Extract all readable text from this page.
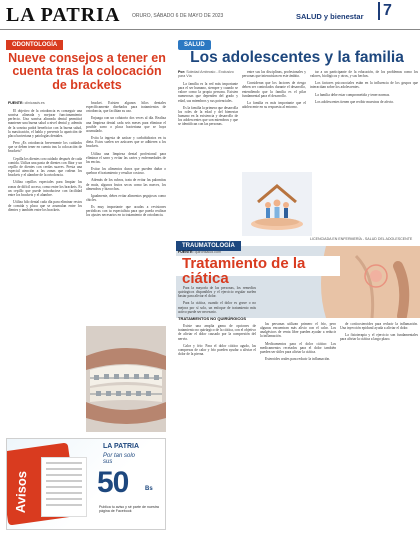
LA PATRIA ORURO, SÁBADO 6 DE MAYO DE 2023	SALUD y bienestar	7
ODONTOLOGÍA
Nueve consejos a tener en cuenta tras la colocación de brackets
FUENTE: clinicasdv.es

El objetivo de la ortodoncia es conseguir una sonrisa alineada y mejorar funcionamiento perfecto. Una sonrisa alineada dental permitirá mantener una buena salud a nivel dental y, además de la sonrisa podrá beneficiar con la buena salud, la masticación, el habla y prevenir la aparición de placa bacteriana y patologías dentales.

Pero ¿Es ortodoncia brevemente los cuidados que se deben tener en cuenta tras la colocación de brackets?

Cepilla los dientes con cuidado después de cada comida. Utiliza una pasta de dientes con flúor y un cepillo de dientes con cerdas suaves. Presta una especial atención a las zonas que rodean los brackets y el alambre de la ortodoncia.

Utiliza cepillos especiales para limpiar las zonas de difícil acceso, como entre los brackets. Es un cepillo que puede introducirse con facilidad entre los brackets y el alambre.

Utiliza hilo dental cada día para eliminar restos de comida y placa que se acumulan entre los dientes y también entre los brackets.

bracket. Existen algunos hilos dentales específicamente diseñados para tratamientos de ortodoncia, que facilitan su uso.

Enjuaga con un colutorio dos veces al día. Realiza una limpieza dental cada seis meses para eliminar el posible sarro o placa bacteriana que se haya acumulado.

Evita la ingesta de azúcar y carbohidratos en tu dieta. Estos suelen ser azúcares que se adhieren a los brackets.

Utiliza una limpieza dental profesional para eliminar el sarro y evitar las caries y enfermedades de las encías.

Evitar los alimentos duros que pueden dañar o quebrar el tratamiento y resultar costoso.

Además de los rubros, trata de evitar las palomitas de maíz, algunos frutos secos como las nueces, los almendros y bizcochos.

Igualmente, debes evitar alimentos pegajosos como chicles.

Es muy importante que acudas a revisiones periódicas con tu especialista para que pueda realizar los ajustes necesarios en tu tratamiento de ortodoncia.

SALUD
Los adolescentes y la familia
Por: Soledad Ambrosio - Exclusivo para Vía

La familia es la red más importante para el ser humano, siempre y cuando se valore como la propia persona. Existen numerosas que dependen del grado y edad, sus miembros y sus potenciales.

Es la familia la primera que desarrolla los roles de la edad y del bienestar humano en la existencia y desarrollo de los adolescentes que son miembros y que se identifican con las personas.

entre sus las disciplinas, profesionales y personas que interactúan en este ámbito.

Consideran que los factores de riesgo deben ser controlados durante el desarrollo, entendiendo que la familia es el pilar fundamental para el desarrollo.

La familia es más importante que el adolescente en su respuesta al entorno.

tar a un participante de la educación, de los problemas como los valores, biológicos y otros, y sus hechos.

Los factores psicosociales están en la influencia de los grupos que interactúan sobre los adolescentes.

La familia debe estar comprometida y tener normas.

Los adolescentes tienen que recibir muestras de afecto.

LICENCIADA EN ENFERMERÍA - SALUD DEL ADOLESCENTE
TRAUMATOLOGÍA
Tratamiento de la ciática
FUENTE: quirónsalud.com

Para la mayoría de las personas, los remedios quirúrgicos disponibles y el ejercicio regular suelen bastar para aliviar el dolor.

Para la ciática, cuando el dolor es grave o no mejora por sí solo, un enfoque de tratamiento más activo puede ser necesario.

TRATAMIENTOS NO QUIRÚRGICOS

Existe una amplia gama de opciones de tratamiento no quirúrgico de la ciática, con el objetivo de aliviar el dolor causado por la compresión del nervio.

Calor y frío: Para el dolor ciático agudo, las compresas de calor y frío pueden ayudar a aliviar el dolor de la pierna.

las personas utilizan primero el frío, pero algunas encuentran más alivio con el calor. Los analgésicos de venta libre pueden ayudar a reducir la inflamación.

Medicamentos para el dolor ciático: Los medicamentos recetados para el dolor también pueden ser útiles para aliviar la ciática.

Esteroides orales para reducir la inflamación.

de corticosteroides para reducir la inflamación. Una inyección epidural ayuda a aliviar el dolor.

La fisioterapia y el ejercicio son fundamentales para aliviar la ciática a largo plazo.

Avisos
LA PATRIA
Por tan solo
sus
50	Bs
Publica tu aviso y sé parte de nuestra página de Facebook
